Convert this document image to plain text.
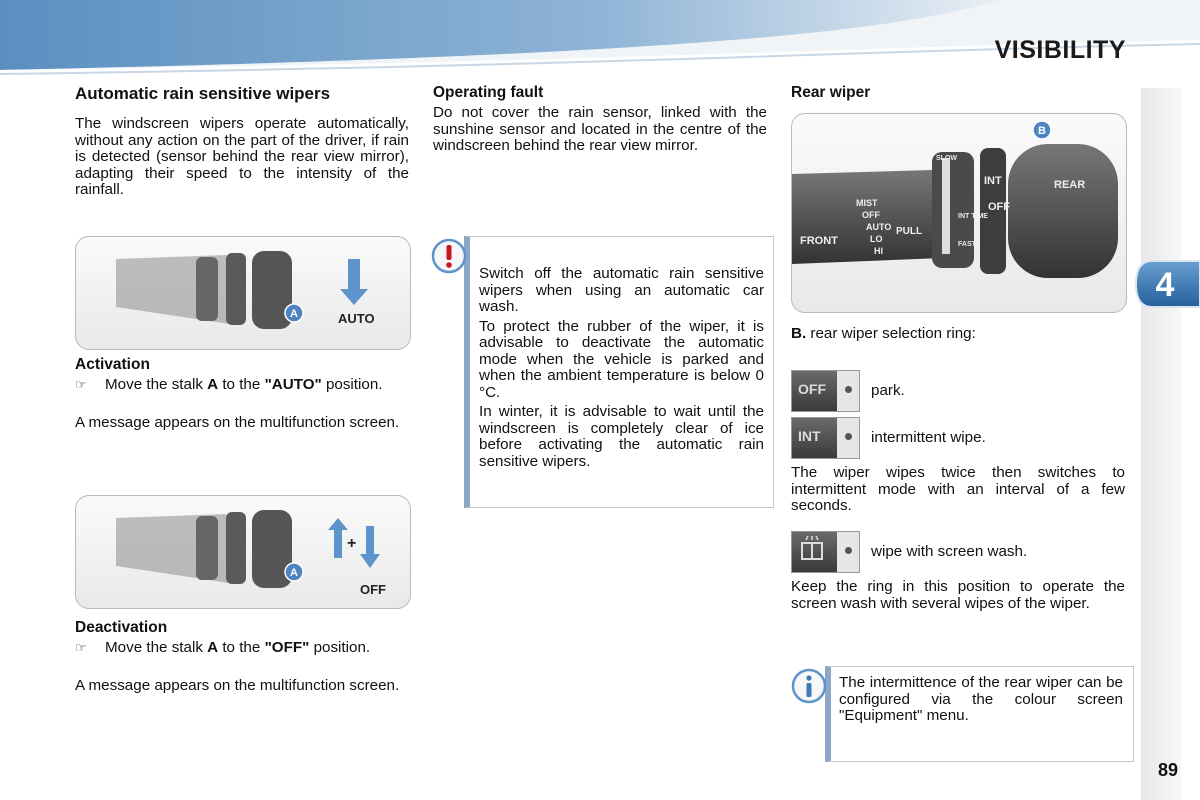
VISIBILITY
4
Automatic rain sensitive wipers

The windscreen wipers operate automatically, without any action on the part of the driver, if rain is detected (sensor behind the rear view mirror), adapting their speed to the intensity of the rainfall.

A	AUTO
Activation
☞	Move the stalk A to the "AUTO" position.

A message appears on the multifunction screen.

A
+
OFF
Deactivation
☞	Move the stalk A to the "OFF" position.

A message appears on the multifunction screen.

Operating fault

Do not cover the rain sensor, linked with the sunshine sensor and located in the centre of the windscreen behind the rear view mirror.

Switch off the automatic rain sensitive wipers when using an automatic car wash.

To protect the rubber of the wiper, it is advisable to deactivate the automatic mode when the vehicle is parked and when the ambient temperature is below 0 °C.

In winter, it is advisable to wait until the windscreen is completely clear of ice before activating the automatic rain sensitive wipers.

Rear wiper
FRONT
MIST
OFF
AUTO
LO
HI
PULL
SLOW
INT TIME
FAST
INT
OFF
REAR
B
B. rear wiper selection ring:
OFF	park.
INT	intermittent wipe.

The wiper wipes twice then switches to intermittent mode with an interval of a few seconds.

wipe with screen wash.

Keep the ring in this position to operate the screen wash with several wipes of the wiper.

The intermittence of the rear wiper can be configured via the colour screen "Equipment" menu.

89
